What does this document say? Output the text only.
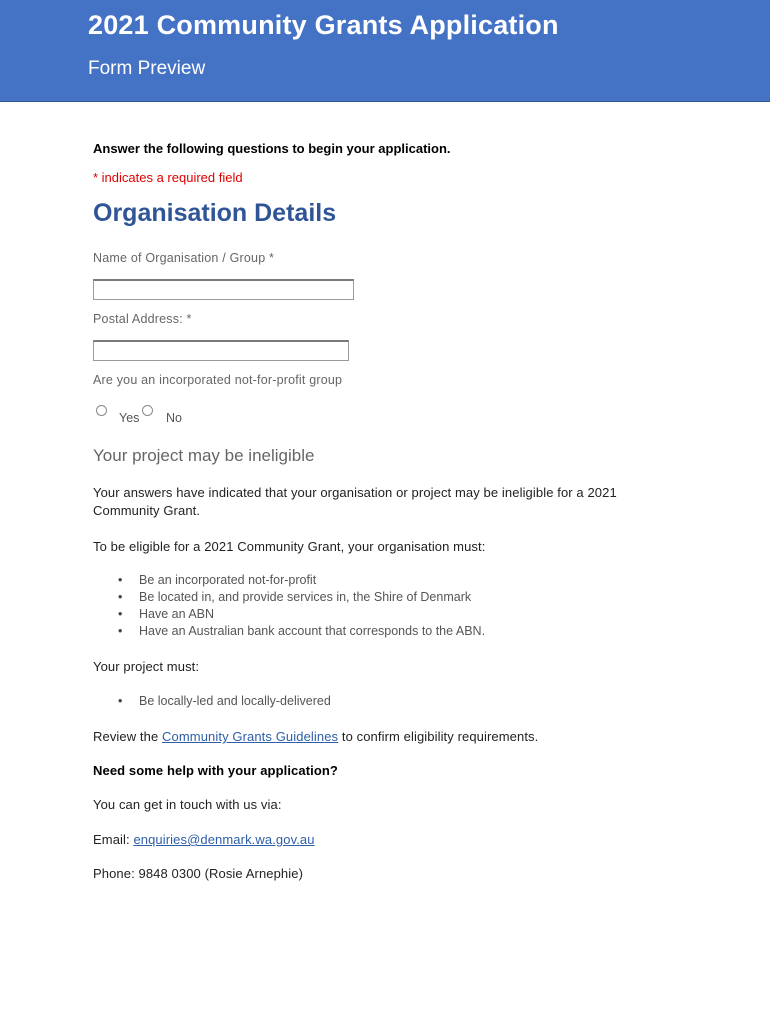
2021 Community Grants Application
Form Preview
Answer the following questions to begin your application.
* indicates a required field
Organisation Details
Name of Organisation / Group *
Postal Address: *
Are you an incorporated not-for-profit group
Yes No
Your project may be ineligible
Your answers have indicated that your organisation or project may be ineligible for a 2021
Community Grant.
To be eligible for a 2021 Community Grant, your organisation must:
• Be an incorporated not-for-profit
• Be located in, and provide services in, the Shire of Denmark
• Have an ABN
• Have an Australian bank account that corresponds to the ABN.
Your project must:
• Be locally-led and locally-delivered
Review the Community Grants Guidelines to confirm eligibility requirements.
Need some help with your application?
You can get in touch with us via:
Email: enquiries@denmark.wa.gov.au
Phone: 9848 0300 (Rosie Arnephie)
